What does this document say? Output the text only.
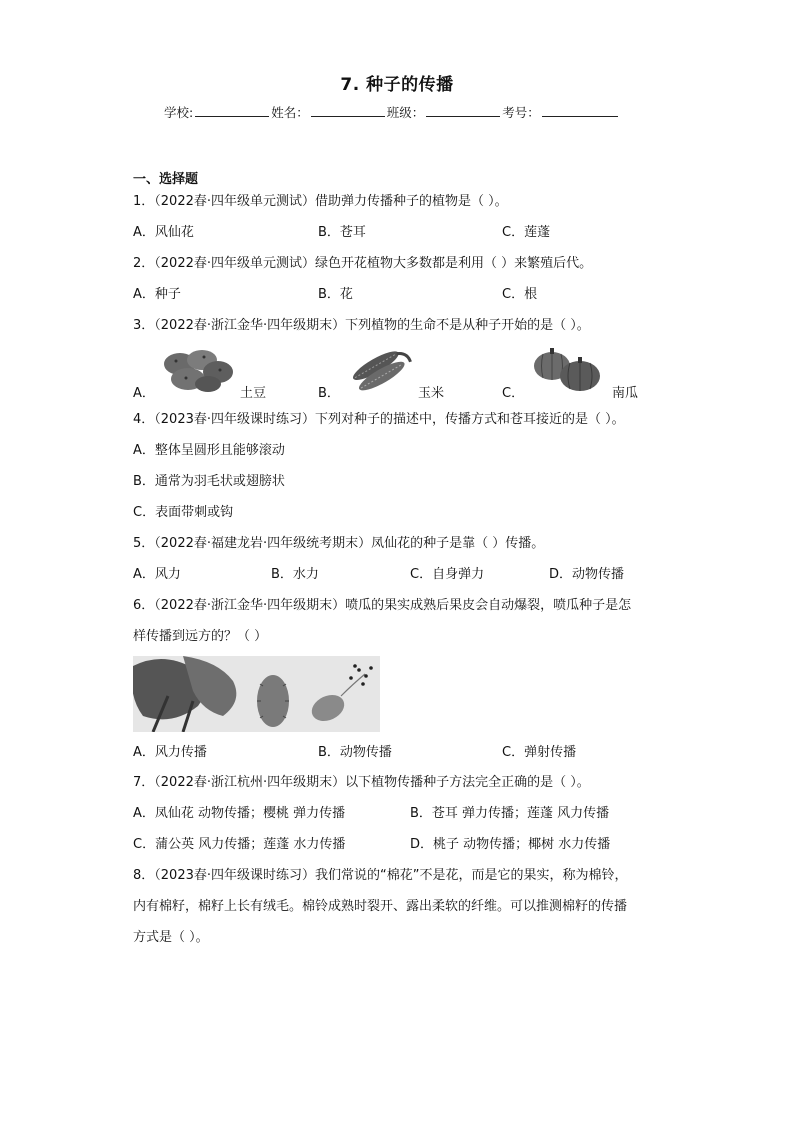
7. 种子的传播
学校:	姓名：	班级：	考号：
一、选择题
1．（2022春·四年级单元测试）借助弹力传播种子的植物是（ ）。
A．风仙花	B．苍耳	C．莲蓬
2．（2022春·四年级单元测试）绿色开花植物大多数都是利用（ ）来繁殖后代。
A．种子	B．花	C．根
3．（2022春·浙江金华·四年级期末）下列植物的生命不是从种子开始的是（ ）。
A．	土豆	B．	玉米	C．	南瓜
4．（2023春·四年级课时练习）下列对种子的描述中，传播方式和苍耳接近的是（ ）。
A．整体呈圆形且能够滚动
B．通常为羽毛状或翅膀状
C．表面带刺或钩
5．（2022春·福建龙岩·四年级统考期末）凤仙花的种子是靠（ ）传播。
A．风力	B．水力	C．自身弹力	D．动物传播
6．（2022春·浙江金华·四年级期末）喷瓜的果实成熟后果皮会自动爆裂，喷瓜种子是怎
样传播到远方的？（ ）
A．风力传播	B．动物传播	C．弹射传播
7．（2022春·浙江杭州·四年级期末）以下植物传播种子方法完全正确的是（ ）。
A．凤仙花 动物传播；樱桃 弹力传播	B．苍耳 弹力传播；莲蓬 风力传播
C．蒲公英 风力传播；莲蓬 水力传播	D．桃子 动物传播；椰树 水力传播
8．（2023春·四年级课时练习）我们常说的“棉花”不是花，而是它的果实，称为棉铃，
内有棉籽，棉籽上长有绒毛。棉铃成熟时裂开、露出柔软的纤维。可以推测棉籽的传播
方式是（ ）。
